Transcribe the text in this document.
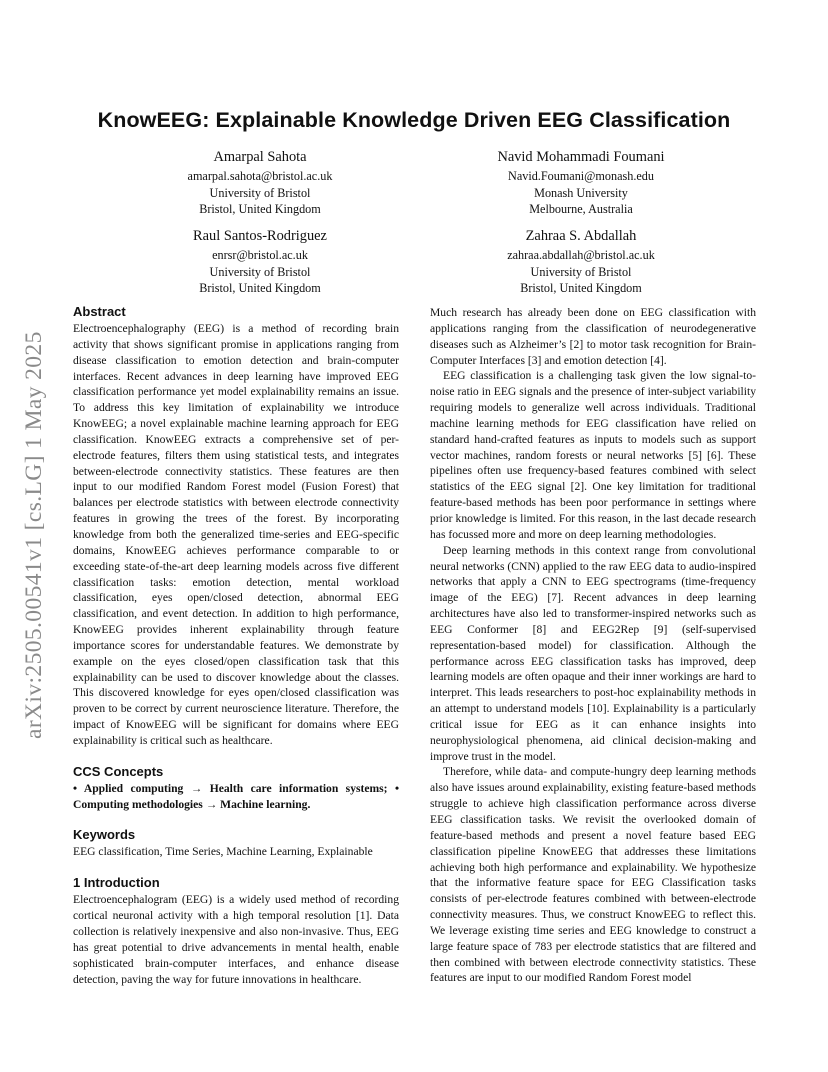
arXiv:2505.00541v1 [cs.LG] 1 May 2025
KnowEEG: Explainable Knowledge Driven EEG Classification
Amarpal Sahota
amarpal.sahota@bristol.ac.uk
University of Bristol
Bristol, United Kingdom
Navid Mohammadi Foumani
Navid.Foumani@monash.edu
Monash University
Melbourne, Australia
Raul Santos-Rodriguez
enrsr@bristol.ac.uk
University of Bristol
Bristol, United Kingdom
Zahraa S. Abdallah
zahraa.abdallah@bristol.ac.uk
University of Bristol
Bristol, United Kingdom
Abstract

Electroencephalography (EEG) is a method of recording brain activity that shows significant promise in applications ranging from disease classification to emotion detection and brain-computer interfaces. Recent advances in deep learning have improved EEG classification performance yet model explainability remains an issue. To address this key limitation of explainability we introduce KnowEEG; a novel explainable machine learning approach for EEG classification. KnowEEG extracts a comprehensive set of per-electrode features, filters them using statistical tests, and integrates between-electrode connectivity statistics. These features are then input to our modified Random Forest model (Fusion Forest) that balances per electrode statistics with between electrode connectivity features in growing the trees of the forest. By incorporating knowledge from both the generalized time-series and EEG-specific domains, KnowEEG achieves performance comparable to or exceeding state-of-the-art deep learning models across five different classification tasks: emotion detection, mental workload classification, eyes open/closed detection, abnormal EEG classification, and event detection. In addition to high performance, KnowEEG provides inherent explainability through feature importance scores for understandable features. We demonstrate by example on the eyes closed/open classification task that this explainability can be used to discover knowledge about the classes. This discovered knowledge for eyes open/closed classification was proven to be correct by current neuroscience literature. Therefore, the impact of KnowEEG will be significant for domains where EEG explainability is critical such as healthcare.

CCS Concepts

• Applied computing → Health care information systems; • Computing methodologies → Machine learning.

Keywords

EEG classification, Time Series, Machine Learning, Explainable

1 Introduction

Electroencephalogram (EEG) is a widely used method of recording cortical neuronal activity with a high temporal resolution [1]. Data collection is relatively inexpensive and also non-invasive. Thus, EEG has great potential to drive advancements in mental health, enable sophisticated brain-computer interfaces, and enhance disease detection, paving the way for future innovations in healthcare.

Much research has already been done on EEG classification with applications ranging from the classification of neurodegenerative diseases such as Alzheimer’s [2] to motor task recognition for Brain-Computer Interfaces [3] and emotion detection [4].

EEG classification is a challenging task given the low signal-to-noise ratio in EEG signals and the presence of inter-subject variability requiring models to generalize well across individuals. Traditional machine learning methods for EEG classification have relied on standard hand-crafted features as inputs to models such as support vector machines, random forests or neural networks [5] [6]. These pipelines often use frequency-based features combined with select statistics of the EEG signal [2]. One key limitation for traditional feature-based methods has been poor performance in settings where prior knowledge is limited. For this reason, in the last decade research has focussed more and more on deep learning methodologies.

Deep learning methods in this context range from convolutional neural networks (CNN) applied to the raw EEG data to audio-inspired networks that apply a CNN to EEG spectrograms (time-frequency image of the EEG) [7]. Recent advances in deep learning architectures have also led to transformer-inspired networks such as EEG Conformer [8] and EEG2Rep [9] (self-supervised representation-based model) for classification. Although the performance across EEG classification tasks has improved, deep learning models are often opaque and their inner workings are hard to interpret. This leads researchers to post-hoc explainability methods in an attempt to understand models [10]. Explainability is a particularly critical issue for EEG as it can enhance insights into neurophysiological phenomena, aid clinical decision-making and improve trust in the model.

Therefore, while data- and compute-hungry deep learning methods also have issues around explainability, existing feature-based methods struggle to achieve high classification performance across diverse EEG classification tasks. We revisit the overlooked domain of feature-based methods and present a novel feature based EEG classification pipeline KnowEEG that addresses these limitations achieving both high performance and explainability. We hypothesize that the informative feature space for EEG Classification tasks consists of per-electrode features combined with between-electrode connectivity measures. Thus, we construct KnowEEG to reflect this. We leverage existing time series and EEG knowledge to construct a large feature space of 783 per electrode statistics that are filtered and then combined with between electrode connectivity statistics. These features are input to our modified Random Forest model
